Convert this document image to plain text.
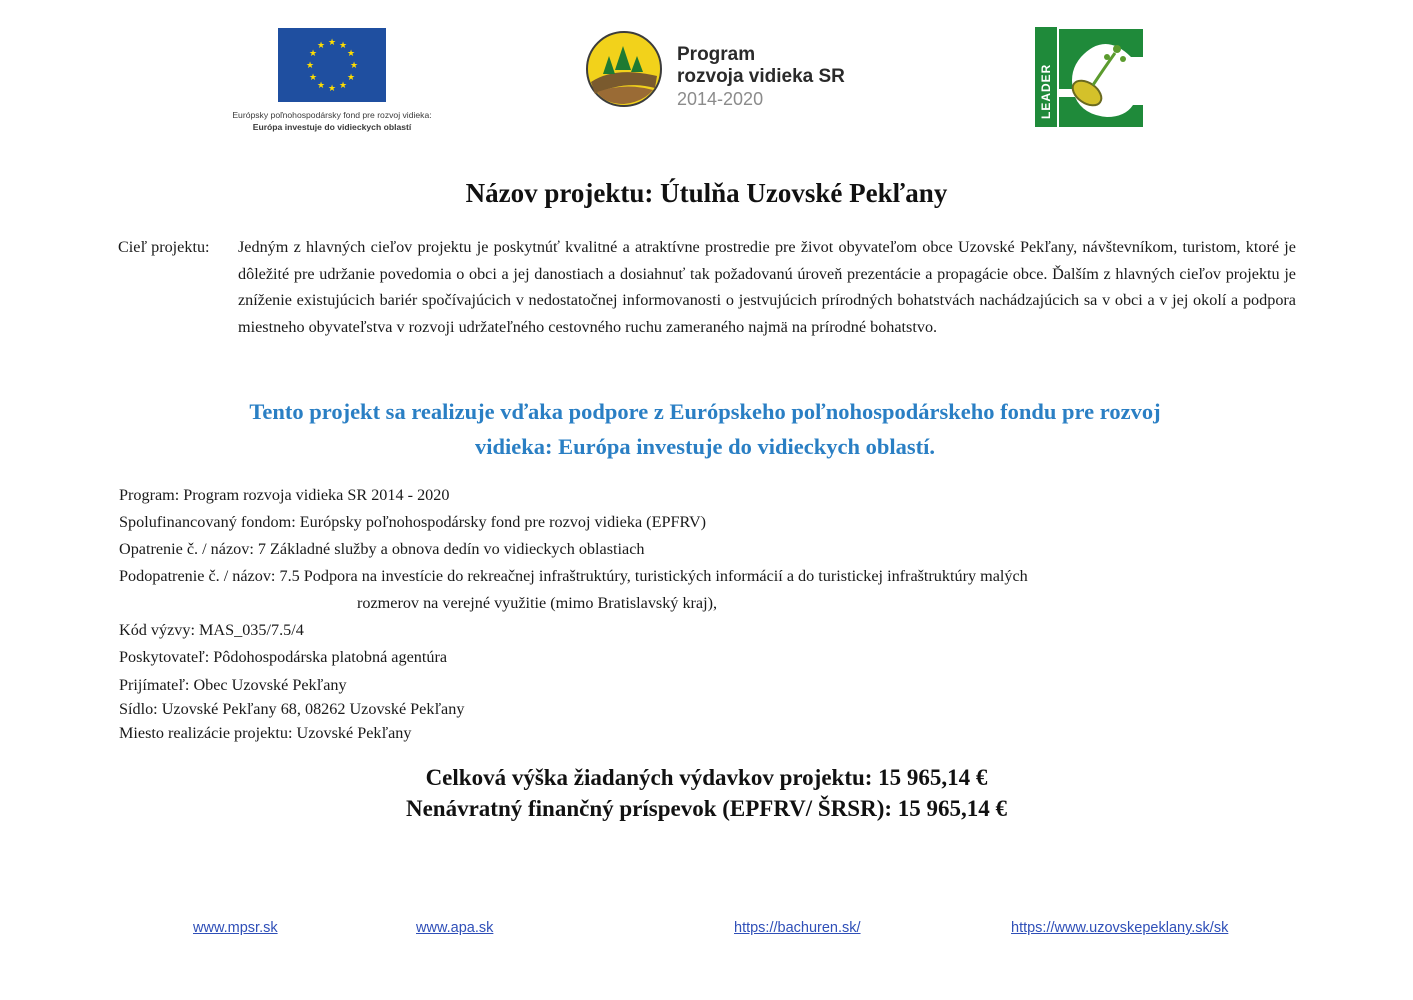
★ ★
★
★
★
★
★
★
★
★
★
★
Európsky poľnohospodársky fond pre rozvoj vidieka:
Európa investuje do vidieckych oblastí
Program
rozvoja vidieka SR
2014-2020	LEADER
Názov projektu: Útulňa Uzovské Pekľany
Cieľ projektu: Jedným z hlavných cieľov projektu je poskytnúť kvalitné a atraktívne prostredie pre život obyvateľom obce Uzovské Pekľany, návštevníkom, turistom, ktoré je dôležité pre udržanie povedomia o obci a jej danostiach a dosiahnuť tak požadovanú úroveň prezentácie a propagácie obce. Ďalším z hlavných cieľov projektu je zníženie existujúcich bariér spočívajúcich v nedostatočnej informovanosti o jestvujúcich prírodných bohatstvách nachádzajúcich sa v obci a v jej okolí a podpora miestneho obyvateľstva v rozvoji udržateľného cestovného ruchu zameraného najmä na prírodné bohatstvo.
Tento projekt sa realizuje vďaka podpore z Európskeho poľnohospodárskeho fondu pre rozvoj
vidieka: Európa investuje do vidieckych oblastí.
Program: Program rozvoja vidieka SR 2014 - 2020
Spolufinancovaný fondom: Európsky poľnohospodársky fond pre rozvoj vidieka (EPFRV)
Opatrenie č. / názov: 7 Základné služby a obnova dedín vo vidieckych oblastiach
Podopatrenie č. / názov: 7.5 Podpora na investície do rekreačnej infraštruktúry, turistických informácií a do turistickej infraštruktúry malých
rozmerov na verejné využitie (mimo Bratislavský kraj),
Kód výzvy: MAS_035/7.5/4
Poskytovateľ: Pôdohospodárska platobná agentúra
Prijímateľ: Obec Uzovské Pekľany
Sídlo: Uzovské Pekľany 68, 08262 Uzovské Pekľany
Miesto realizácie projektu: Uzovské Pekľany
Celková výška žiadaných výdavkov projektu: 15 965,14 €
Nenávratný finančný príspevok (EPFRV/ ŠRSR): 15 965,14 €
www.mpsr.sk	www.apa.sk	https://bachuren.sk/	https://www.uzovskepeklany.sk/sk
